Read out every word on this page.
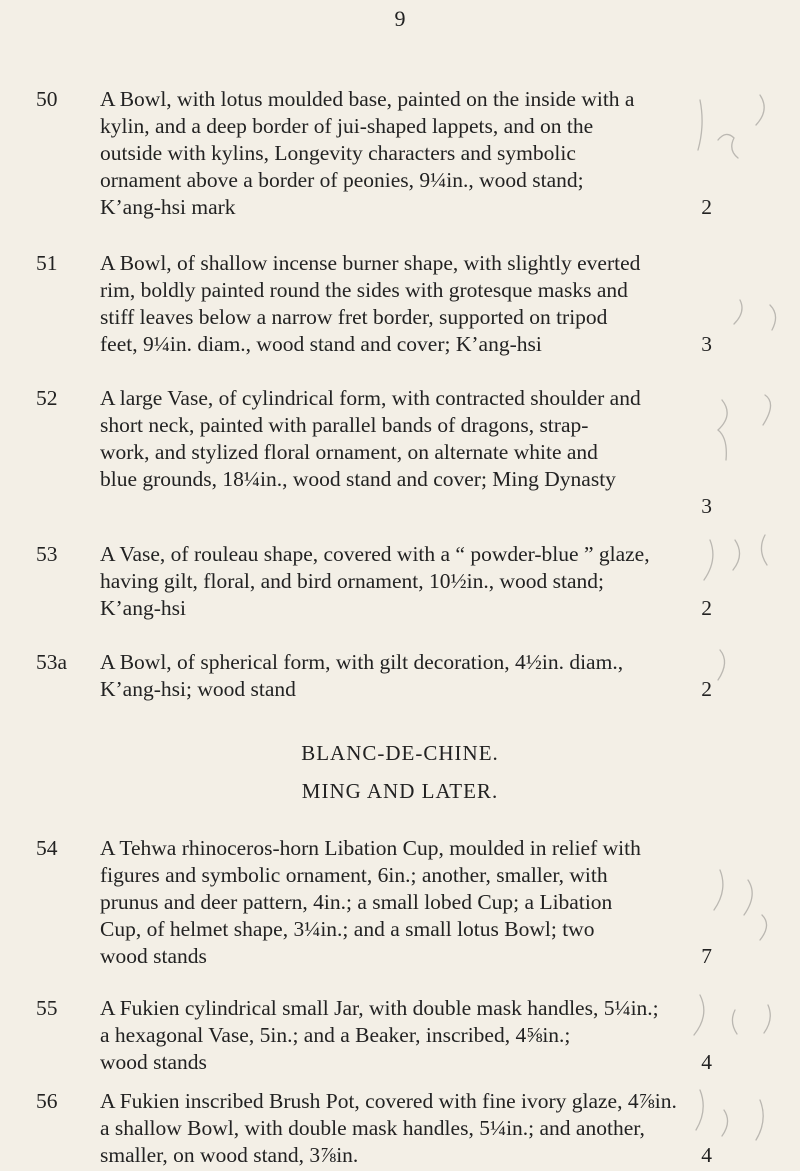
9
50	A Bowl, with lotus moulded base, painted on the inside with a
kylin, and a deep border of jui-shaped lappets, and on the
outside with kylins, Longevity characters and symbolic
ornament above a border of peonies, 9¼in., wood stand;
K’ang-hsi mark	2
51	A Bowl, of shallow incense burner shape, with slightly everted
rim, boldly painted round the sides with grotesque masks and
stiff leaves below a narrow fret border, supported on tripod
feet, 9¼in. diam., wood stand and cover; K’ang-hsi	3
52	A large Vase, of cylindrical form, with contracted shoulder and
short neck, painted with parallel bands of dragons, strap-
work, and stylized floral ornament, on alternate white and
blue grounds, 18¼in., wood stand and cover; Ming Dynasty
3
53	A Vase, of rouleau shape, covered with a “ powder-blue ” glaze,
having gilt, floral, and bird ornament, 10½in., wood stand;
K’ang-hsi	2
53a	A Bowl, of spherical form, with gilt decoration, 4½in. diam.,
K’ang-hsi; wood stand	2
BLANC-DE-CHINE.
MING AND LATER.
54	A Tehwa rhinoceros-horn Libation Cup, moulded in relief with
figures and symbolic ornament, 6in.; another, smaller, with
prunus and deer pattern, 4in.; a small lobed Cup; a Libation
Cup, of helmet shape, 3¼in.; and a small lotus Bowl; two
wood stands	7
55	A Fukien cylindrical small Jar, with double mask handles, 5¼in.;
a hexagonal Vase, 5in.; and a Beaker, inscribed, 4⅝in.;
wood stands	4
56	A Fukien inscribed Brush Pot, covered with fine ivory glaze, 4⅞in.
a shallow Bowl, with double mask handles, 5¼in.; and another,
smaller, on wood stand, 3⅞in.	4
